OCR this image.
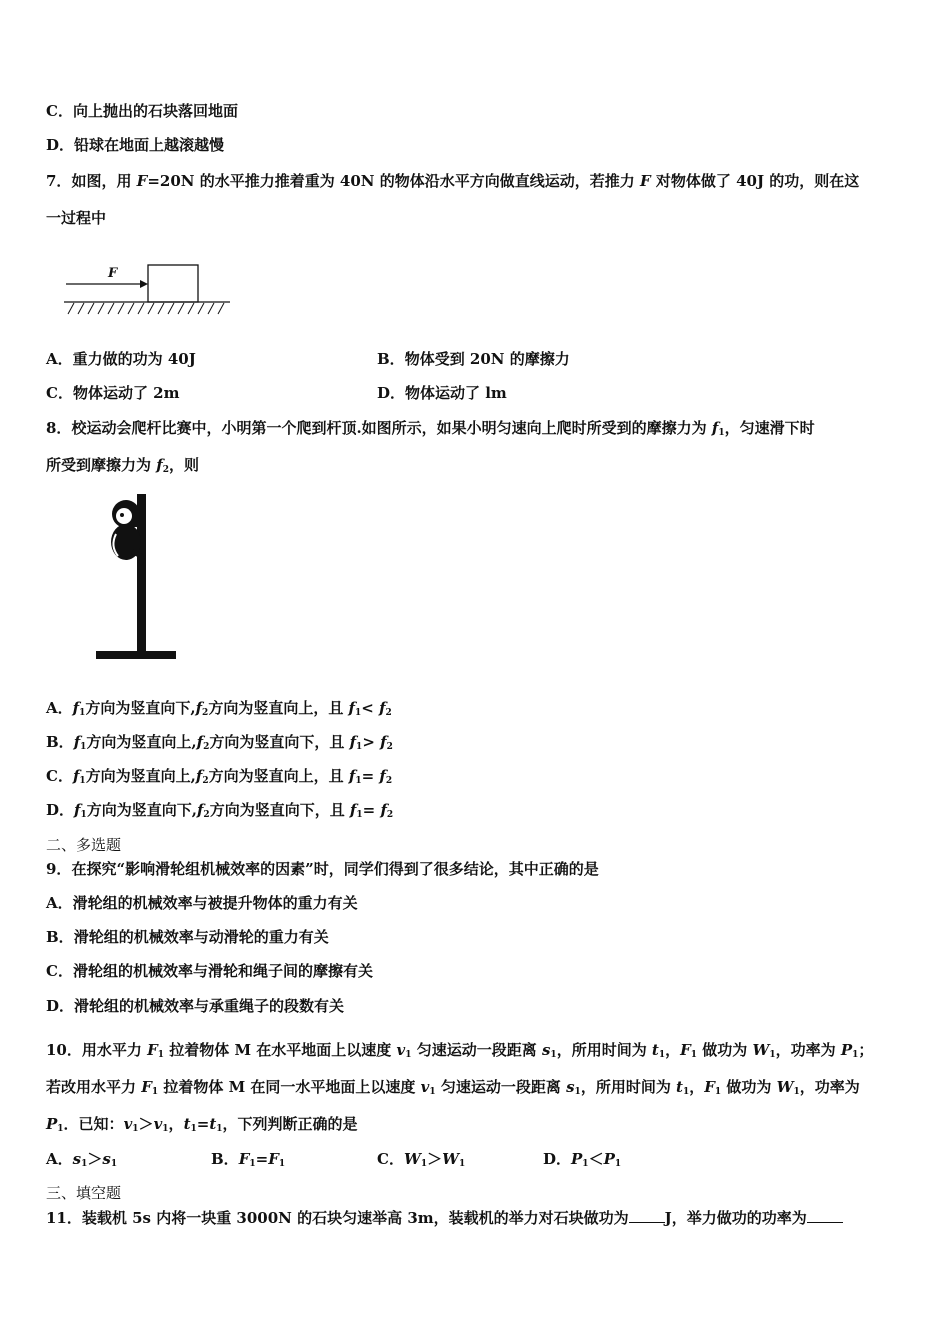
C．向上抛出的石块落回地面
D．铅球在地面上越滚越慢
7．如图，用 F=20N 的水平推力推着重为 40N 的物体沿水平方向做直线运动，若推力 F 对物体做了 40J 的功，则在这
一过程中
F
A．重力做的功为 40J	B．物体受到 20N 的摩擦力
C．物体运动了 2m	D．物体运动了 lm
8．校运动会爬杆比赛中，小明第一个爬到杆顶.如图所示，如果小明匀速向上爬时所受到的摩擦力为 $f_1$，匀速滑下时
所受到摩擦力为 $f_2$，则
A．$f_1$方向为竖直向下$,f_2$方向为竖直向上，且 $f_1< f_2$
B．$f_1$方向为竖直向上$,f_2$方向为竖直向下，且 $f_1> f_2$
C．$f_1$方向为竖直向上$,f_2$方向为竖直向上，且 $f_1= f_2$
D．$f_1$方向为竖直向下$,f_2$方向为竖直向下，且 $f_1= f_2$
二、多选题
9．在探究“影响滑轮组机械效率的因素”时，同学们得到了很多结论，其中正确的是
A．滑轮组的机械效率与被提升物体的重力有关
B．滑轮组的机械效率与动滑轮的重力有关
C．滑轮组的机械效率与滑轮和绳子间的摩擦有关
D．滑轮组的机械效率与承重绳子的段数有关
10．用水平力 $F_1$ 拉着物体 M 在水平地面上以速度 $v_1$ 匀速运动一段距离 $s_1$，所用时间为 $t_1$，$F_1$ 做功为 $W_1$，功率为 $P_1$；
若改用水平力 $F_1$ 拉着物体 M 在同一水平地面上以速度 $v_1$ 匀速运动一段距离 $s_1$，所用时间为 $t_1$，$F_1$ 做功为 $W_1$，功率为
$P_1$．已知：$v_1>v_1$，$t_1=t_1$，下列判断正确的是
A．$s_1>s_1$	B．$F_1=F_1$	C．$W_1>W_1$	D．$P_1<P_1$
三、填空题
11．装载机 5s 内将一块重 3000N 的石块匀速举高 3m，装载机的举力对石块做功为 J，举力做功的功率为
